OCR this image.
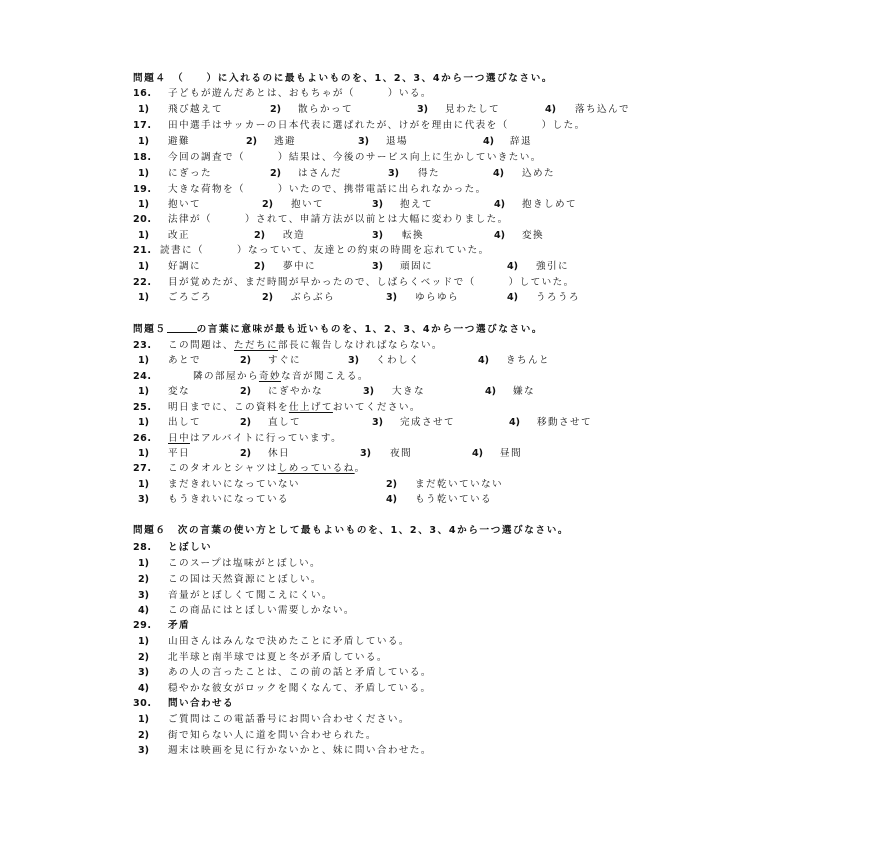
問題４　（　　）に入れるのに最もよいものを、1、2、3、4から一つ選びなさい。
16. 子どもが遊んだあとは、おもちゃが（　　　）いる。
1) 飛び越えて	2) 散らかって	3) 見わたして	4) 落ち込んで
17. 田中選手はサッカーの日本代表に選ばれたが、けがを理由に代表を（　　　）した。
1) 避難	2) 逃避	3) 退場	4) 辞退
18. 今回の調査で（　　　）結果は、今後のサービス向上に生かしていきたい。
1) にぎった	2) はさんだ	3) 得た	4) 込めた
19. 大きな荷物を（　　　）いたので、携帯電話に出られなかった。
1) 抱いて	2) 抱いて	3) 抱えて	4) 抱きしめて
20. 法律が（　　　）されて、申請方法が以前とは大幅に変わりました。
1) 改正	2) 改造	3) 転換	4) 変換
21. 読書に（　　　）なっていて、友達との約束の時間を忘れていた。
1) 好調に	2) 夢中に	3) 頑固に	4) 強引に
22. 目が覚めたが、まだ時間が早かったので、しばらくベッドで（　　　）していた。
1) ごろごろ	2) ぶらぶら	3) ゆらゆら	4) うろうろ
問題５	の言葉に意味が最も近いものを、1、2、3、4から一つ選びなさい。
23. この問題は、ただちに部長に報告しなければならない。
1) あとで	2) すぐに	3) くわしく	4) きちんと
24.	隣の部屋から奇妙な音が聞こえる。
1) 変な	2) にぎやかな	3) 大きな	4) 嫌な
25. 明日までに、この資料を仕上げておいてください。
1) 出して	2) 直して	3) 完成させて	4) 移動させて
26. 日中はアルバイトに行っています。
1) 平日	2) 休日	3) 夜間	4) 昼間
27. このタオルとシャツはしめっているね。
1) まだきれいになっていない	2) まだ乾いていない
3) もうきれいになっている	4) もう乾いている
問題６　次の言葉の使い方として最もよいものを、1、2、3、4から一つ選びなさい。
28. とぼしい
1) このスープは塩味がとぼしい。
2) この国は天然資源にとぼしい。
3) 音量がとぼしくて聞こえにくい。
4) この商品にはとぼしい需要しかない。
29. 矛盾
1) 山田さんはみんなで決めたことに矛盾している。
2) 北半球と南半球では夏と冬が矛盾している。
3) あの人の言ったことは、この前の話と矛盾している。
4) 穏やかな彼女がロックを聞くなんて、矛盾している。
30. 問い合わせる
1) ご質問はこの電話番号にお問い合わせください。
2) 街で知らない人に道を問い合わせられた。
3) 週末は映画を見に行かないかと、妹に問い合わせた。
